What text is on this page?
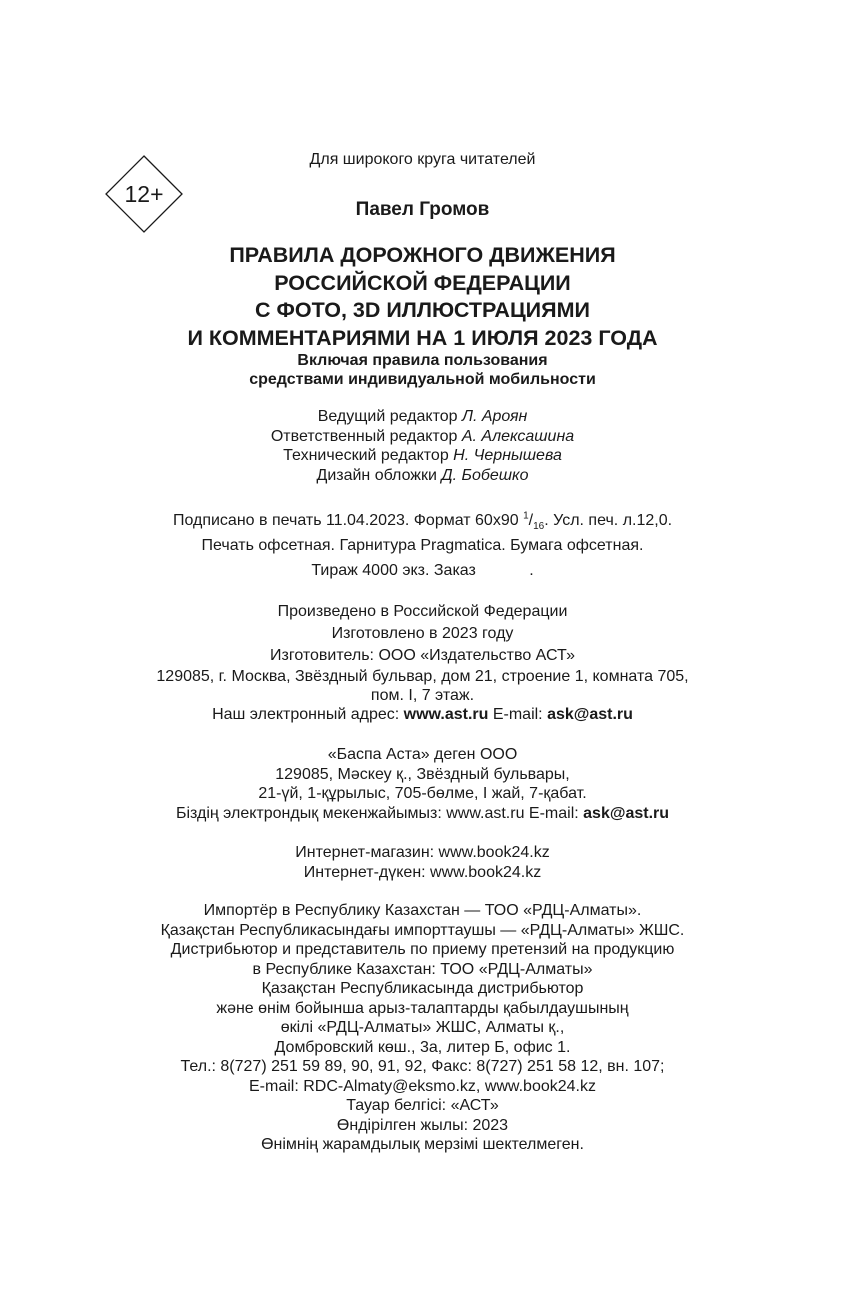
Для широкого круга читателей
12+
Павел Громов
ПРАВИЛА ДОРОЖНОГО ДВИЖЕНИЯ
РОССИЙСКОЙ ФЕДЕРАЦИИ
С ФОТО, 3D ИЛЛЮСТРАЦИЯМИ
И КОММЕНТАРИЯМИ НА 1 ИЮЛЯ 2023 ГОДА
Включая правила пользования
средствами индивидуальной мобильности
Ведущий редактор Л. Ароян
Ответственный редактор А. Алексашина
Технический редактор Н. Чернышева
Дизайн обложки Д. Бобешко
Подписано в печать 11.04.2023. Формат 60х90 $^1/_{16}$. Усл. печ. л.12,0.
Печать офсетная. Гарнитура Pragmatica. Бумага офсетная.
Тираж 4000 экз. Заказ            .
Произведено в Российской Федерации
Изготовлено в 2023 году
Изготовитель: ООО «Издательство АСТ»
129085, г. Москва, Звёздный бульвар, дом 21, строение 1, комната 705,
пом. I, 7 этаж.
Наш электронный адрес: www.ast.ru E-mail: ask@ast.ru
«Баспа Аста» деген ООО
129085, Мәскеу қ., Звёздный бульвары,
21-үй, 1-құрылыс, 705-бөлме, I жай, 7-қабат.
Біздің электрондық мекенжайымыз: www.ast.ru E-mail: ask@ast.ru
Интернет-магазин: www.book24.kz
Интернет-дүкен: www.book24.kz
Импортёр в Республику Казахстан — ТОО «РДЦ-Алматы».
Қазақстан Республикасындағы импорттаушы — «РДЦ-Алматы» ЖШС.
Дистрибьютор и представитель по приему претензий на продукцию
в Республике Казахстан: ТОО «РДЦ-Алматы»
Қазақстан Республикасында дистрибьютор
және өнім бойынша арыз-талаптарды қабылдаушының
өкілі «РДЦ-Алматы» ЖШС, Алматы қ.,
Домбровский көш., 3а, литер Б, офис 1.
Тел.: 8(727) 251 59 89, 90, 91, 92, Факс: 8(727) 251 58 12, вн. 107;
E-mail: RDC-Almaty@eksmo.kz, www.book24.kz
Тауар белгісі: «АСТ»
Өндірілген жылы: 2023
Өнімнің жарамдылық мерзімі шектелмеген.
